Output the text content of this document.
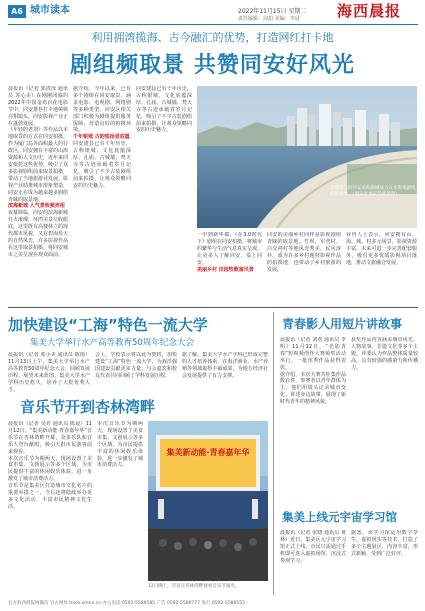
A6 城市读本	2022年11月15日 星期二
责任编辑：周旭 美编：李晨 海西晨报
利用拥湾揽海、古今融汇的优势，打造网红打卡地
剧组频取景 共赞同安好风光
晨报讯（记者 郭清泽 通讯员 苏心美）在刚刚闭幕的2022年中国金鸡百花电影节中，同安推荐打卡地频频亮相镜头，同安影视产业正在蓬勃发展。
《年轻的老刘》等作品以本地取景的方式在同安拍摄。作为厦门岛外面积最大的行政区，同安拥有丰富的山海资源和人文历史，近年来同安依托这些优势，吸引了众多影视剧组前来取景拍摄，带动了当地旅游业发展。影视产业助推城市形象塑造，同安正在成为越来越多剧组青睐的取景地。
滨海新城 人气景致频亮相
夜幕降临，同安的滨海新城灯火璀璨，环湾美景尽收眼底。这里既有高楼林立的现代都市风貌，又有碧海蓝天的自然风光，许多影视作品在这里取景拍摄，将同安城市之美呈现在观众面前。
据介绍，今年以来，已有多个剧组在同安取景，涵盖电影、电视剧、网络剧等多种类型。同安区相关部门积极为剧组提供服务保障，营造良好的拍摄环境。
千年银城 古韵悠扬显底蕴
同安建县已有千年历史，古称银城，文化底蕴深厚。孔庙、古城墙、梵天寺等古迹承载着岁月记忆，吸引了不少古装剧组前来拍摄，让观众领略同安的历史魅力。
同安建县已有千年历史，古称银城，文化底蕴深厚。孔庙、古城墙、梵天寺等古迹承载着岁月记忆，吸引了不少古装剧组前来拍摄，让观众领略同安的历史魅力。
高楼林立的同安滨海新城成为众多影视剧组的取景地。（同安区委宣传部供图）
一中到新华都，《在3.0时代下》剧组在同安拍摄，将城市的繁华与生活气息真实呈现，让更多人了解同安、爱上同安。
美丽乡村 田园牧歌富风景
同安的美丽乡村同样是影视剧组青睐的取景地。竹坝、军营村、白交祠村等地风光秀美，民风淳朴，成为许多乡村题材影视作品的拍摄地，也带动了乡村旅游的发展。
业内人士表示，同安拥有山、海、城、村多元场景，影视资源丰富，未来可进一步完善配套服务，吸引更多优质影视项目落地，推动文旅融合发展。
加快建设“工海”特色一流大学
集美大学举行水产高等教育50周年纪念大会
晨报讯（记者 邓小美 通讯员 陈雨）11月13日上午，集美大学举行水产高等教育50周年纪念大会，回顾发展历程，展望未来蓝图。集美大学水产学科历史悠久，培养了大批优秀人才。
会上，学校表示将以此为契机，加快建设“工海”特色一流大学，为海洋强国建设贡献更多力量。与会嘉宾和校友代表共同回顾了学科发展历程。
据了解，集美大学水产学科已形成完整的人才培养体系，在海洋渔业、水产养殖等领域取得丰硕成果，为地方经济社会发展提供了有力支撑。
音乐节开到杏林湾畔
晨报讯（记者 吴君 通讯员 陈晨）11月12日，“集美新动能·青春嘉年华”音乐节在杏林湾畔开幕，众多乐队和音乐人登台献唱，吸引大批市民游客前来观看。
本次音乐节为期两天，现场设置了美食市集、文创展示等多个区域，为市民提供丰富的休闲娱乐体验，进一步激发了城市消费活力。
音乐节是集美区打造城市文化名片的重要举措之一，今后还将陆续举办更多文化活动，丰富市民精神文化生活。
本次音乐节为期两天，现场设置了美食市集、文创展示等多个区域，为市民提供丰富的休闲娱乐体验，进一步激发了城市消费活力。
集美新动能·青春嘉年华
12日晚上，市民在杏林湾畔观看音乐节演出。
青春影人用短片讲故事
晨报讯（记者 刘欢 通讯员 李明）11月12日，“光影青春”短视频创作大赛颁奖活动举行，一批优秀作品获得表彰。
据介绍，本次大赛共征集作品数百件，参赛者以青年群体为主，他们用镜头记录城市变化、讲述身边故事，展现了新时代青年的精神风貌。
获奖作品内容涵盖城市风光、人物故事、非遗文化等多个主题，评委认为作品整体质量较高，具有较强的感染力和传播力。
集美上线元宇宙学习馆
晨报讯（记者 张晓 通讯员 黄林）近日，集美区元宇宙学习馆正式上线，市民只需通过手机即可进入虚拟场馆，沉浸式参观学习。
据悉，该学习馆运用数字孪生、虚拟现实等技术，打造了多个主题展区，内容丰富，形式新颖，受到广泛好评。
官方海西晨报网微信 官方网址 hxcb.xmnn.cn 办公电话 0592-5589585 广告 0592-5589777 发行 0592-5589555
